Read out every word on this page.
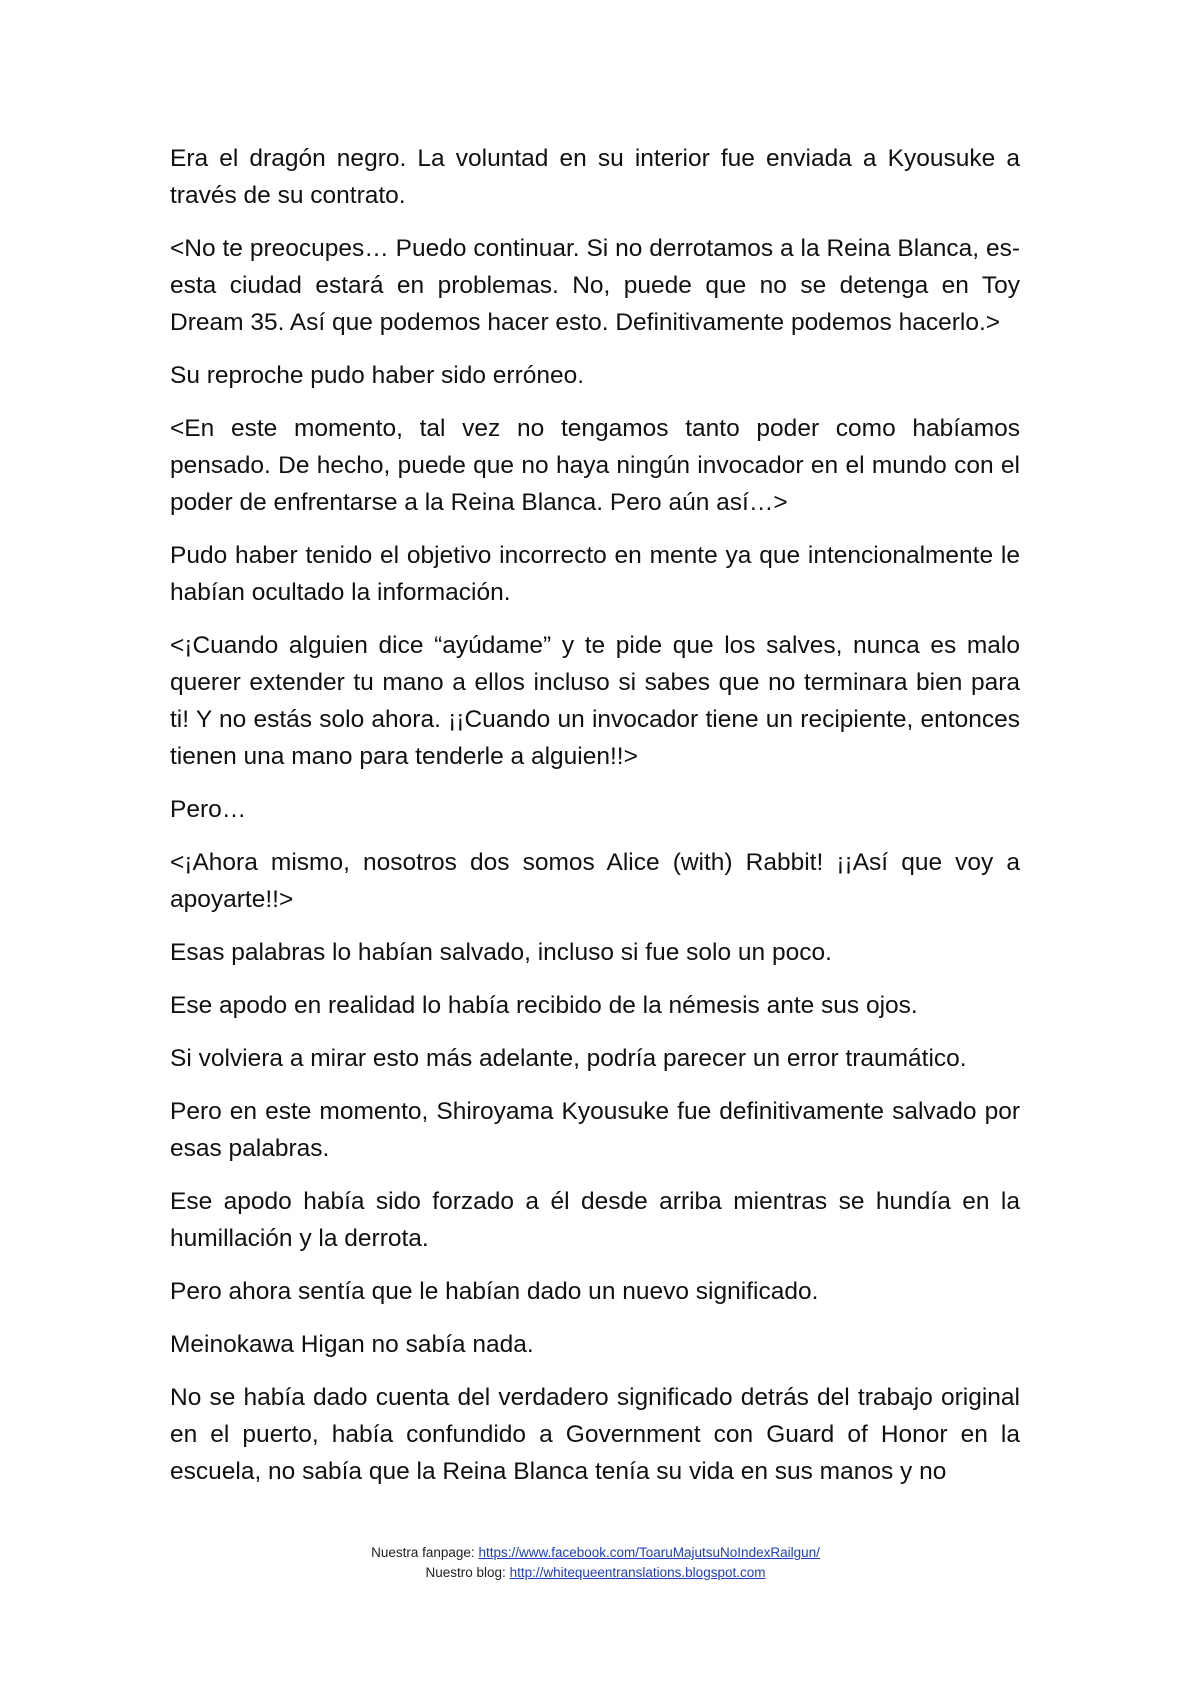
Era el dragón negro. La voluntad en su interior fue enviada a Kyousuke a través de su contrato.

<No te preocupes… Puedo continuar. Si no derrotamos a la Reina Blanca, es-esta ciudad estará en problemas. No, puede que no se detenga en Toy Dream 35. Así que podemos hacer esto. Definitivamente podemos hacerlo.>

Su reproche pudo haber sido erróneo.

<En este momento, tal vez no tengamos tanto poder como habíamos pensado. De hecho, puede que no haya ningún invocador en el mundo con el poder de enfrentarse a la Reina Blanca. Pero aún así…>

Pudo haber tenido el objetivo incorrecto en mente ya que intencionalmente le habían ocultado la información.

<¡Cuando alguien dice “ayúdame” y te pide que los salves, nunca es malo querer extender tu mano a ellos incluso si sabes que no terminara bien para ti! Y no estás solo ahora. ¡¡Cuando un invocador tiene un recipiente, entonces tienen una mano para tenderle a alguien!!>

Pero…

<¡Ahora mismo, nosotros dos somos Alice (with) Rabbit! ¡¡Así que voy a apoyarte!!>

Esas palabras lo habían salvado, incluso si fue solo un poco.

Ese apodo en realidad lo había recibido de la némesis ante sus ojos.

Si volviera a mirar esto más adelante, podría parecer un error traumático.

Pero en este momento, Shiroyama Kyousuke fue definitivamente salvado por esas palabras.

Ese apodo había sido forzado a él desde arriba mientras se hundía en la humillación y la derrota.

Pero ahora sentía que le habían dado un nuevo significado.

Meinokawa Higan no sabía nada.

No se había dado cuenta del verdadero significado detrás del trabajo original en el puerto, había confundido a Government con Guard of Honor en la escuela, no sabía que la Reina Blanca tenía su vida en sus manos y no

Nuestra fanpage: https://www.facebook.com/ToaruMajutsuNoIndexRailgun/
Nuestro blog: http://whitequeentranslations.blogspot.com
